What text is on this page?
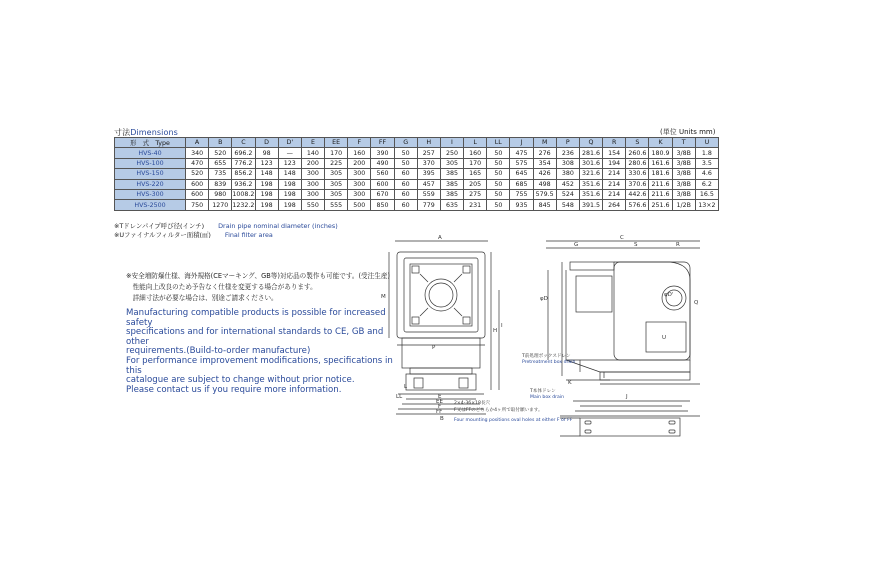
寸法Dimensions	(単位 Units mm)
形　式　Type	A	B	C	D	D'	E	EE	F	FF	G	H	I	L	LL	J	M	P	Q	R	S	K	T	U
HVS-40	340	520	696.2	98	—	140	170	160	390	50	257	250	160	50	475	276	236	281.6	154	260.6	180.9	3/8B	1.8
HVS-100	470	655	776.2	123	123	200	225	200	490	50	370	305	170	50	575	354	308	301.6	194	280.6	161.6	3/8B	3.5
HVS-150	520	735	856.2	148	148	300	305	300	560	60	395	385	165	50	645	426	380	321.6	214	330.6	181.6	3/8B	4.6
HVS-220	600	839	936.2	198	198	300	305	300	600	60	457	385	205	50	685	498	452	351.6	214	370.6	211.6	3/8B	6.2
HVS-300	600	980	1008.2	198	198	300	305	300	670	60	559	385	275	50	755	579.5	524	351.6	214	442.6	211.6	3/8B	16.5
HVS-2500	750	1270	1232.2	198	198	550	555	500	850	60	779	635	231	50	935	845	548	391.5	264	576.6	251.6	1/2B	13×2
※Tドレンパイプ呼び径(インチ) Drain pipe nominal diameter (inches)
※Uファイナルフィルター面積(㎡) Final filter area
※安全増防爆仕様、海外規格(CEマーキング、GB等)対応品の製作も可能です。(受注生産)
　性能向上改良のため予告なく仕様を変更する場合があります。
　詳細寸法が必要な場合は、別途ご請求ください。
Manufacturing compatible products is possible for increased safety
specifications and for international standards to CE, GB and other
requirements.(Build-to-order manufacture)
For performance improvement modifications, specifications in this
catalogue are subject to change without prior notice.
Please contact us if you require more information.
A
M
H
I
P
E
EE
F
FF
L
LL
B
C
G	S	R
Q
φD
φD'
U
J
K
T前処理ボックスドレン
Pretreatment box drain
T本体ドレン
Main box drain
2×4-36×18長穴
F又はFFのどちらか4ヶ所で取付願います。
Four mounting positions oval holes at either F or FF
